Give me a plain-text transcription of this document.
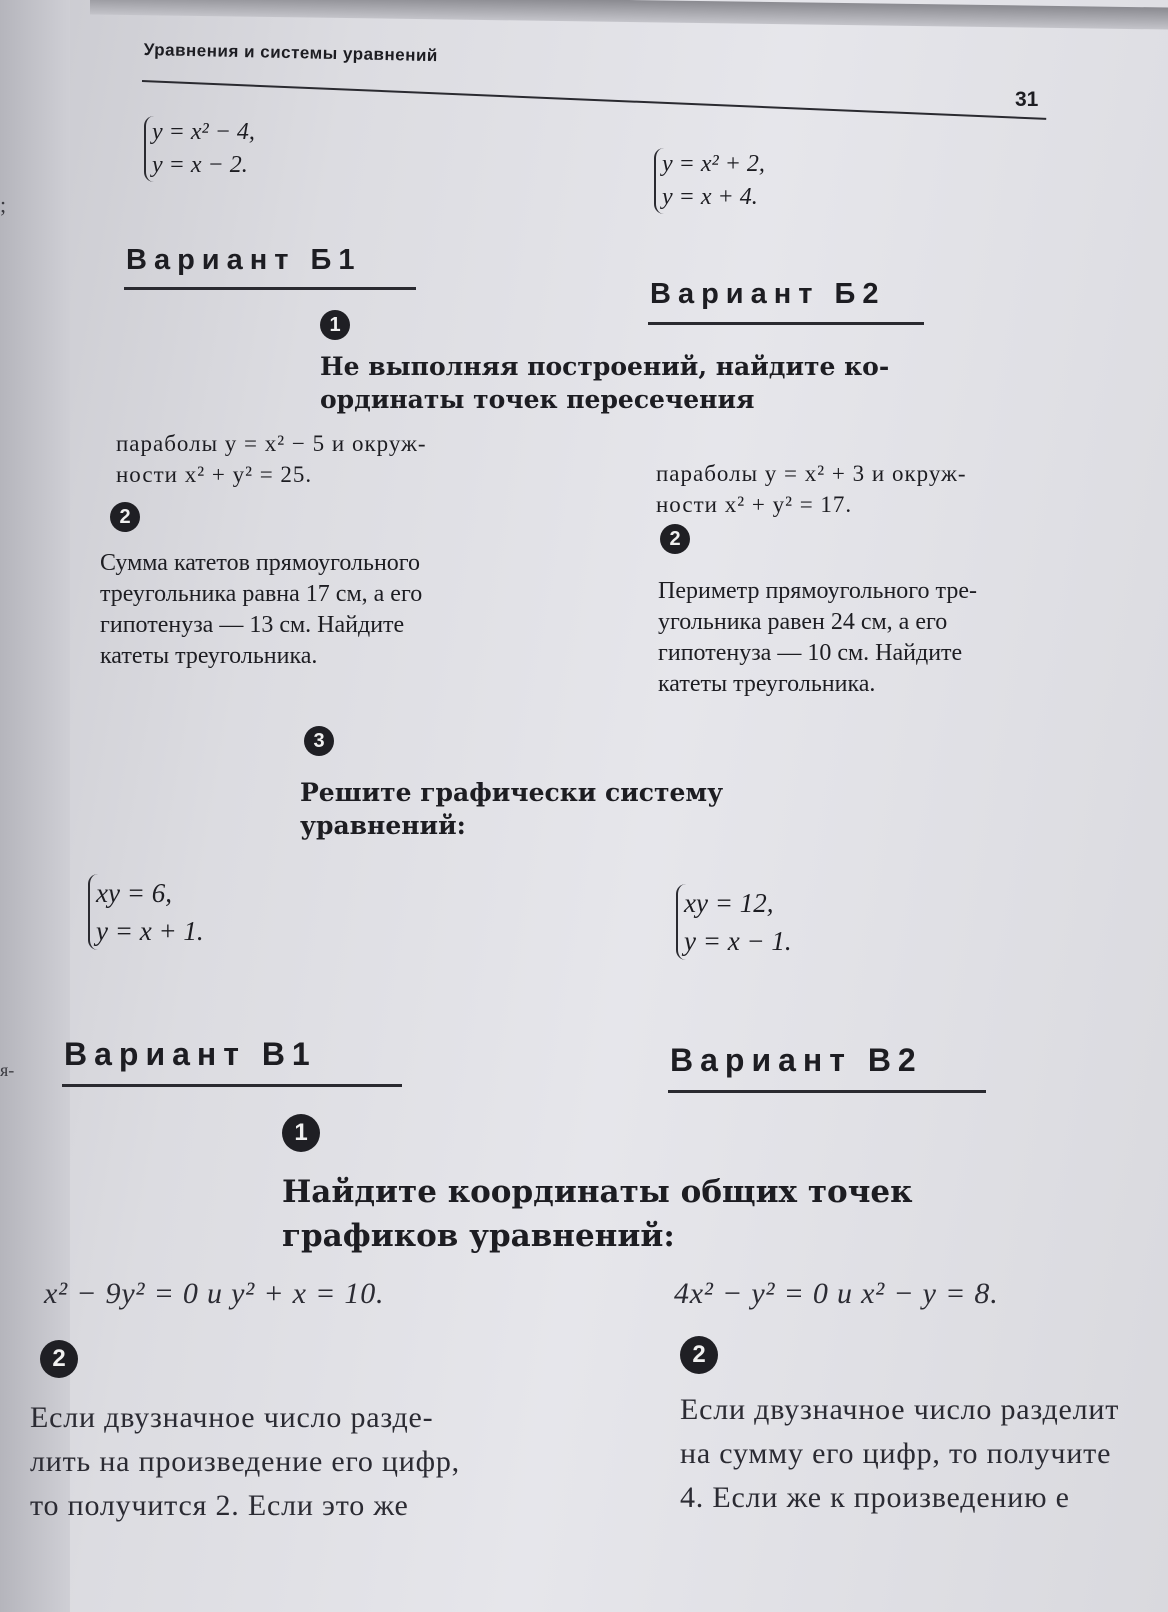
;
я-
Уравнения и системы уравнений
31
y = x² − 4,
y = x − 2.	y = x² + 2,
y = x + 4.
Вариант Б1
Вариант Б2
1
Не выполняя построений, найдите ко-
ординаты точек пересечения
параболы y = x² − 5 и окруж-
ности x² + y² = 25.	параболы y = x² + 3 и окруж-
ности x² + y² = 17.
2
2
Сумма катетов прямоугольного
треугольника равна 17 см, а его
гипотенуза — 13 см. Найдите
катеты треугольника.
Периметр прямоугольного тре-
угольника равен 24 см, а его
гипотенуза — 10 см. Найдите
катеты треугольника.
3
Решите графически систему
уравнений:
xy = 6,
y = x + 1.
xy = 12,
y = x − 1.
Вариант В1	Вариант В2
1
Найдите координаты общих точек
графиков уравнений:
x² − 9y² = 0 и y² + x = 10.	4x² − y² = 0 и x² − y = 8.
2	2
Если двузначное число разде-
лить на произведение его цифр,
то получится 2. Если это же
Если двузначное число разделит
на сумму его цифр, то получите
4. Если же к произведению е
